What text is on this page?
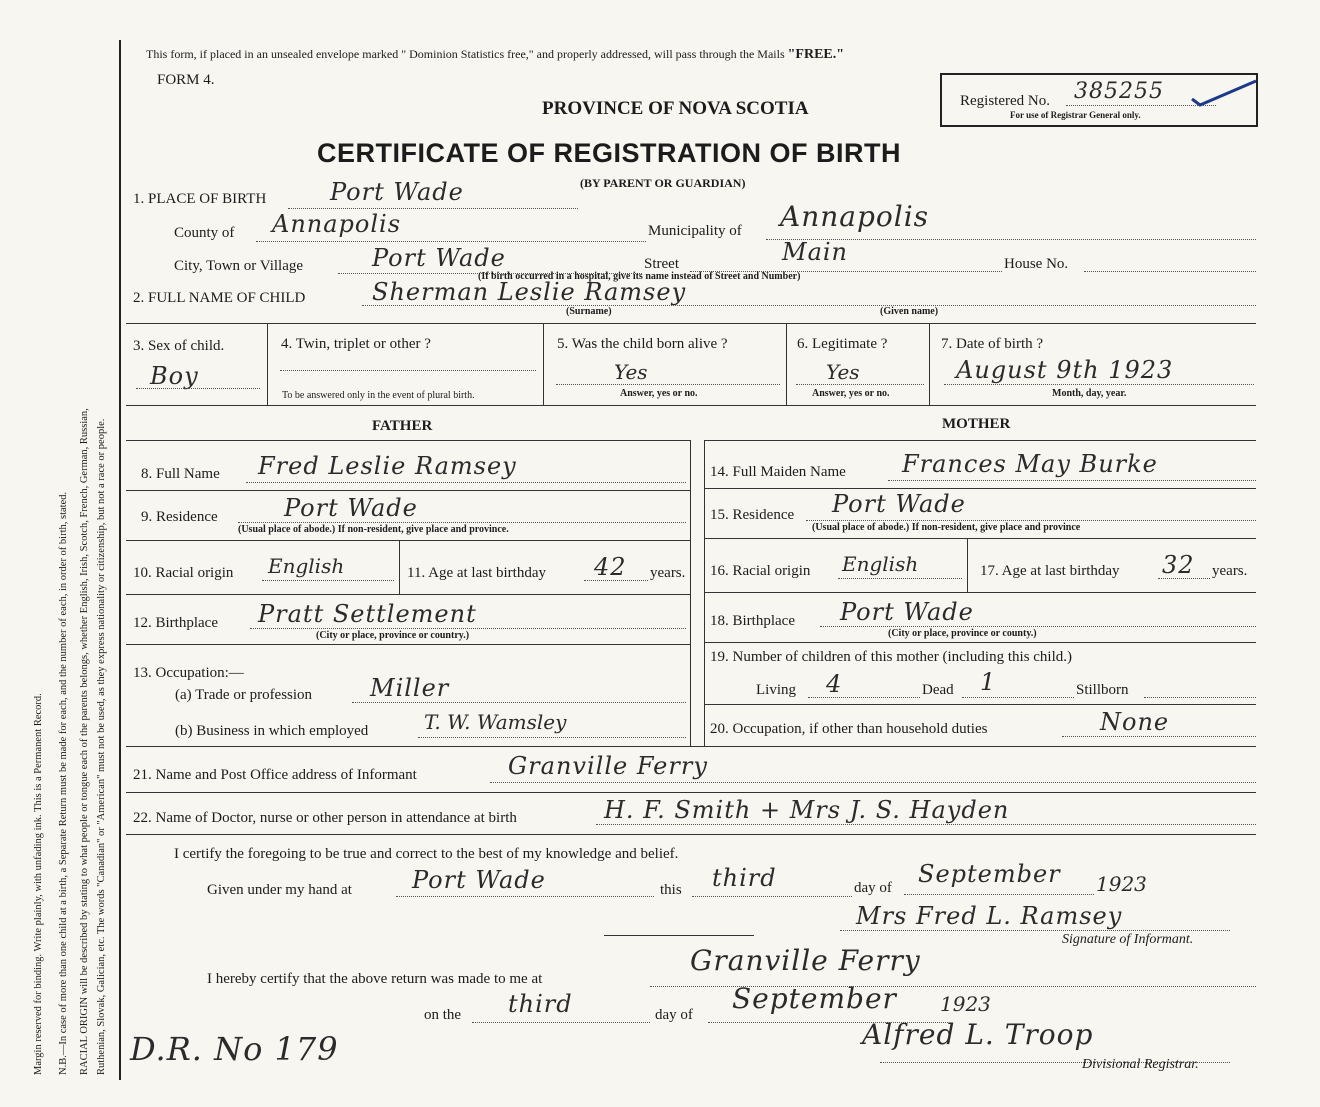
Margin reserved for binding. Write plainly, with unfading ink. This is a Permanent Record. N.B.—In case of more than one child at a birth, a Separate Return must be made for each, and the number of each, in order of birth, stated. RACIAL ORIGIN will be described by stating to what people or tongue each of the parents belongs, whether English, Irish, Scotch, French, German, Russian, Ruthenian, Slovak, Galician, etc. The words "Canadian" or "American" must not be used, as they express nationality or citizenship, but not a race or people.
This form, if placed in an unsealed envelope marked " Dominion Statistics free," and properly addressed, will pass through the Mails "FREE."
FORM 4.
PROVINCE OF NOVA SCOTIA
CERTIFICATE OF REGISTRATION OF BIRTH
(BY PARENT OR GUARDIAN)
Registered No. 385255
For use of Registrar General only.
1. PLACE OF BIRTH	Port Wade
County of Annapolis	Municipality of Annapolis
City, Town or Village	Port Wade	Street	Main	House No.
(If birth occurred in a hospital, give its name instead of Street and Number)
2. FULL NAME OF CHILD	Sherman Leslie Ramsey
(Surname)	(Given name)
3. Sex of child.
Boy
4. Twin, triplet or other ?
To be answered only in the event of plural birth.
5. Was the child born alive ?
Yes
Answer, yes or no.
6. Legitimate ?
Yes
Answer, yes or no.
7. Date of birth ?
August 9th 1923
Month, day, year.
FATHER	MOTHER
8. Full Name Fred Leslie Ramsey
9. Residence	Port Wade
(Usual place of abode.) If non-resident, give place and province.
10. Racial origin English	11. Age at last birthday 42 years.
12. Birthplace Pratt Settlement
(City or place, province or country.)
13. Occupation:—
(a) Trade or profession Miller
(b) Business in which employed	T. W. Wamsley
14. Full Maiden Name Frances May Burke
15. Residence Port Wade
(Usual place of abode.) If non-resident, give place and province
16. Racial origin English	17. Age at last birthday 32 years.
18. Birthplace Port Wade
(City or place, province or county.)
19. Number of children of this mother (including this child.)
Living 4	Dead 1	Stillborn
20. Occupation, if other than household duties	None
21. Name and Post Office address of Informant	Granville Ferry
22. Name of Doctor, nurse or other person in attendance at birth	H. F. Smith + Mrs J. S. Hayden
I certify the foregoing to be true and correct to the best of my knowledge and belief.
Given under my hand at	Port Wade	this third	day of September 1923
Mrs Fred L. Ramsey
Signature of Informant.
I hereby certify that the above return was made to me at
Granville Ferry
on the third	day of September 1923
Alfred L. Troop
Divisional Registrar.
D.R. No 179
